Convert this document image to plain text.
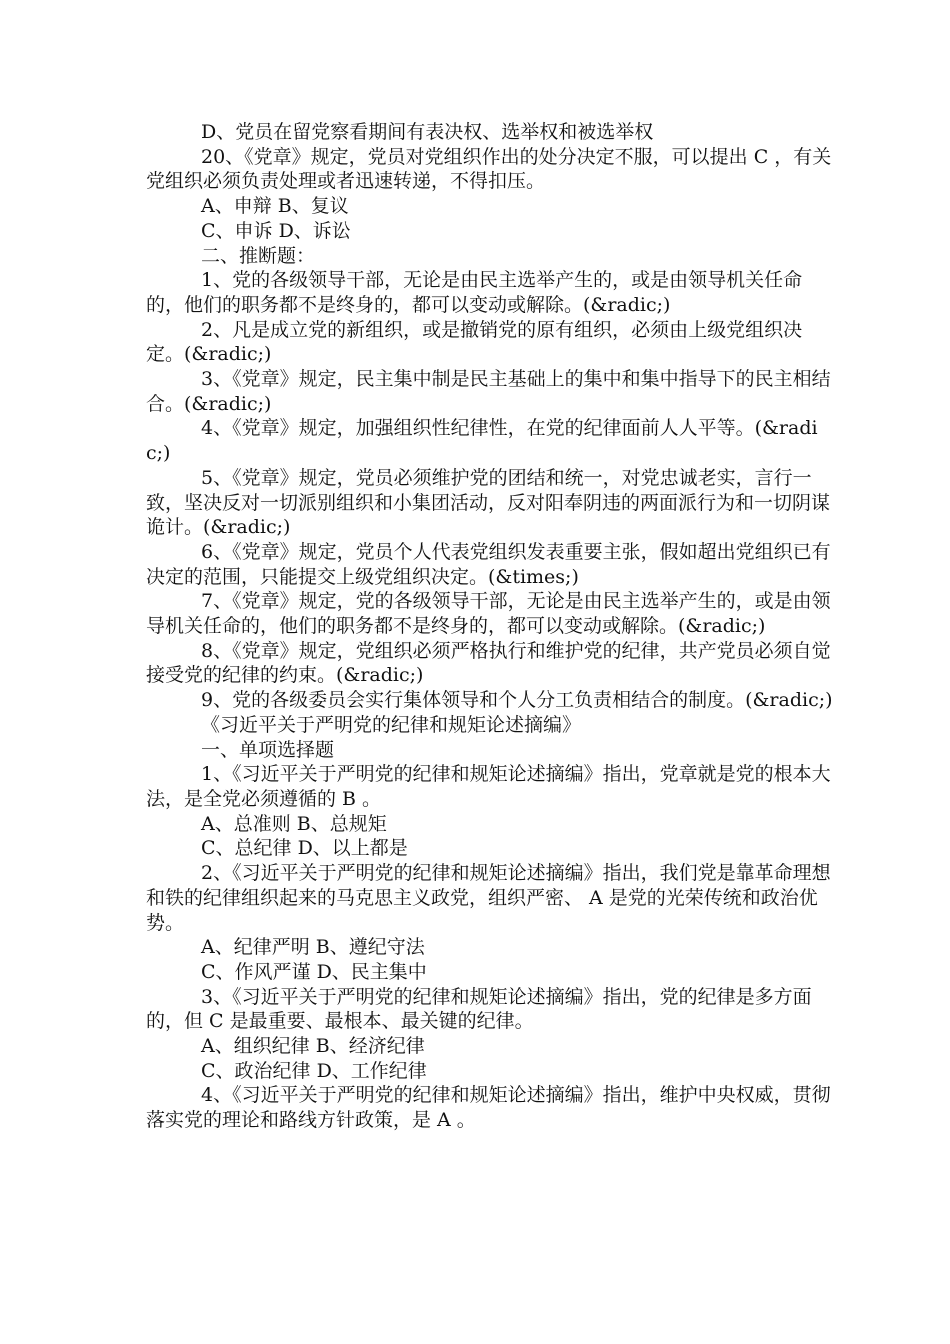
D、党员在留党察看期间有表决权、选举权和被选举权

20、《党章》规定，党员对党组织作出的处分决定不服，可以提出 C ，有关党组织必须负责处理或者迅速转递，不得扣压。

A、申辩 B、复议

C、申诉 D、诉讼

二、推断题：

1、党的各级领导干部，无论是由民主选举产生的，或是由领导机关任命的，他们的职务都不是终身的，都可以变动或解除。(&radic;)

2、凡是成立党的新组织，或是撤销党的原有组织，必须由上级党组织决定。(&radic;)

3、《党章》规定，民主集中制是民主基础上的集中和集中指导下的民主相结合。(&radic;)

4、《党章》规定，加强组织性纪律性，在党的纪律面前人人平等。(&radic;)

5、《党章》规定，党员必须维护党的团结和统一，对党忠诚老实，言行一致，坚决反对一切派别组织和小集团活动，反对阳奉阴违的两面派行为和一切阴谋诡计。(&radic;)

6、《党章》规定，党员个人代表党组织发表重要主张，假如超出党组织已有决定的范围，只能提交上级党组织决定。(&times;)

7、《党章》规定，党的各级领导干部，无论是由民主选举产生的，或是由领导机关任命的，他们的职务都不是终身的，都可以变动或解除。(&radic;)

8、《党章》规定，党组织必须严格执行和维护党的纪律，共产党员必须自觉接受党的纪律的约束。(&radic;)

9、党的各级委员会实行集体领导和个人分工负责相结合的制度。(&radic;)

《习近平关于严明党的纪律和规矩论述摘编》

一、单项选择题

1、《习近平关于严明党的纪律和规矩论述摘编》指出，党章就是党的根本大法，是全党必须遵循的 B 。

A、总准则 B、总规矩

C、总纪律 D、以上都是

2、《习近平关于严明党的纪律和规矩论述摘编》指出，我们党是靠革命理想和铁的纪律组织起来的马克思主义政党，组织严密、 A 是党的光荣传统和政治优势。

A、纪律严明 B、遵纪守法

C、作风严谨 D、民主集中

3、《习近平关于严明党的纪律和规矩论述摘编》指出，党的纪律是多方面的，但 C 是最重要、最根本、最关键的纪律。

A、组织纪律 B、经济纪律

C、政治纪律 D、工作纪律

4、《习近平关于严明党的纪律和规矩论述摘编》指出，维护中央权威，贯彻落实党的理论和路线方针政策，是 A 。
